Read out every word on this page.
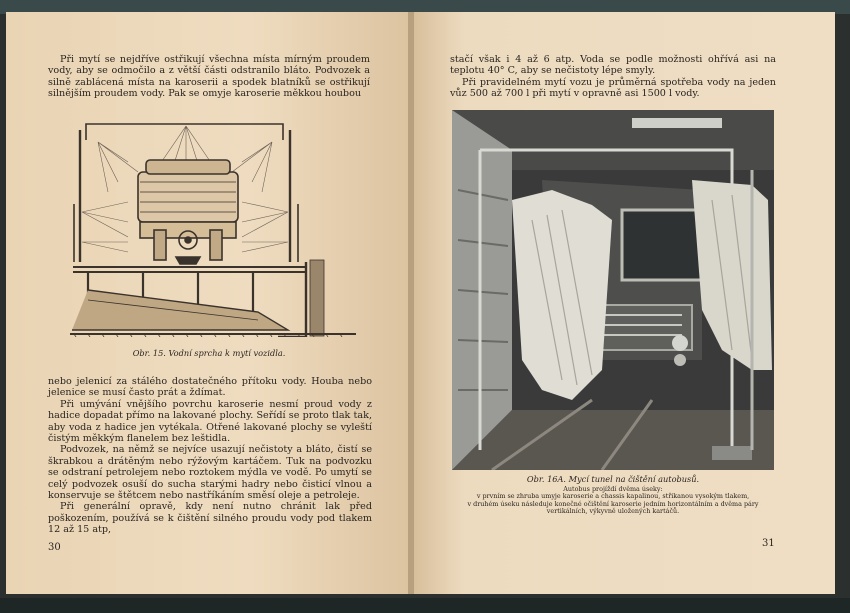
Při mytí se nejdříve ostřikují všechna místa mírným proudem vody, aby se odmočilo a z větší části odstranilo bláto. Podvozek a silně zablácená místa na karoserii a spodek blatníků se ostřikují silnějším proudem vody. Pak se omyje karoserie měkkou houbou

Obr. 15. Vodní sprcha k mytí vozidla.

nebo jelenicí za stálého dostatečného přítoku vody. Houba nebo jelenice se musí často prát a ždímat.

Při umývání vnějšího povrchu karoserie nesmí proud vody z hadice dopadat přímo na lakované plochy. Seřídí se proto tlak tak, aby voda z hadice jen vytékala. Otřené lakované plochy se vyleští čistým měkkým flanelem bez leštidla.

Podvozek, na němž se nejvíce usazují nečistoty a bláto, čistí se škrabkou a drátěným nebo rýžovým kartáčem. Tuk na podvozku se odstraní petrolejem nebo roztokem mýdla ve vodě. Po umytí se celý podvozek osuší do sucha starými hadry nebo čisticí vlnou a konservuje se štětcem nebo nastříkáním směsí oleje a petroleje.

Při generální opravě, kdy není nutno chránit lak před poškozením, používá se k čištění silného proudu vody pod tlakem 12 až 15 atp,

30

stačí však i 4 až 6 atp. Voda se podle možnosti ohřívá asi na teplotu 40° C, aby se nečistoty lépe smyly.

Při pravidelném mytí vozu je průměrná spotřeba vody na jeden vůz 500 až 700 l při mytí v opravně asi 1500 l vody.

Obr. 16A. Mycí tunel na čištění autobusů.

Autobus projíždí dvěma úseky:

v prvním se zhruba umyje karoserie a chassis kapalinou, střikanou vysokým tlakem,

v druhém úseku následuje konečné očištění karoserie jedním horizontálním a dvěma páry

vertikálních, výkyvně uložených kartáčů.

31
